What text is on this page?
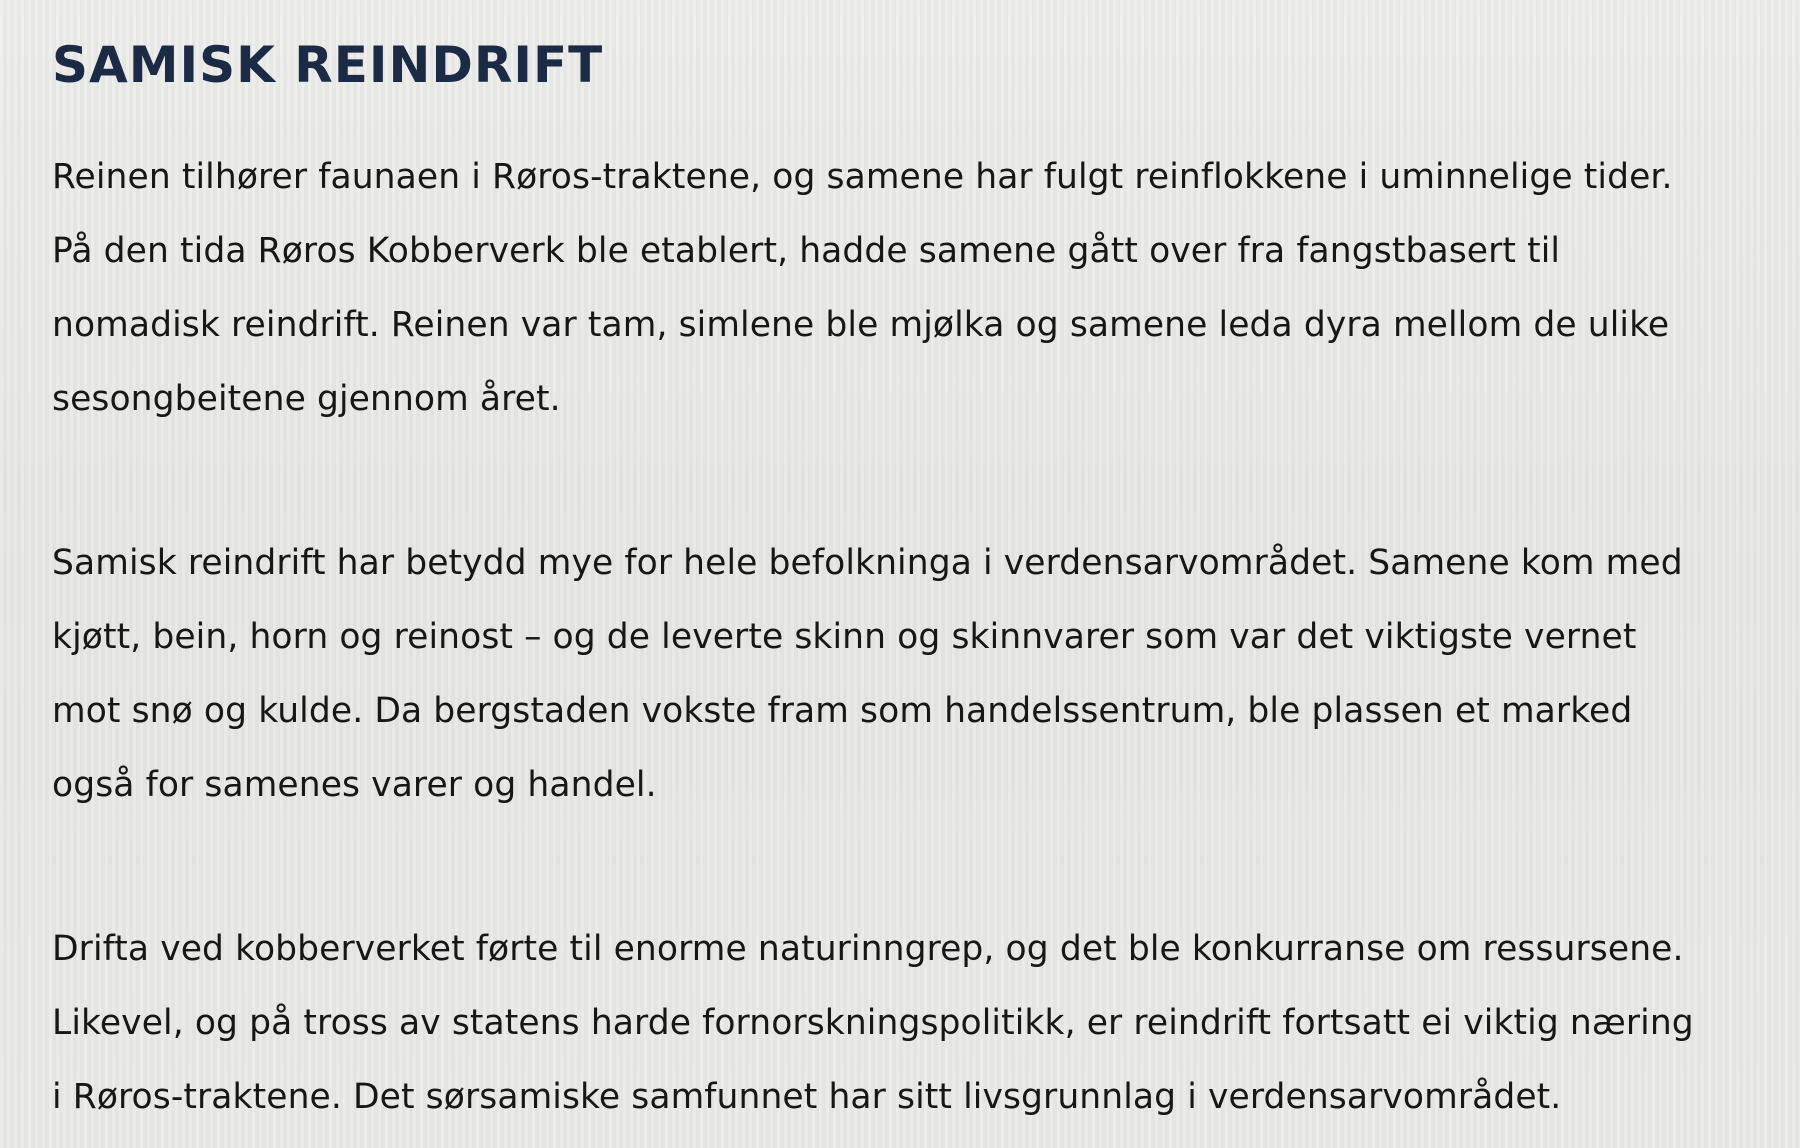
SAMISK REINDRIFT
Reinen tilhører faunaen i Røros-traktene, og samene har fulgt reinflokkene i uminnelige tider.
På den tida Røros Kobberverk ble etablert, hadde samene gått over fra fangstbasert til
nomadisk reindrift. Reinen var tam, simlene ble mjølka og samene leda dyra mellom de ulike
sesongbeitene gjennom året.
Samisk reindrift har betydd mye for hele befolkninga i verdensarvområdet. Samene kom med
kjøtt, bein, horn og reinost – og de leverte skinn og skinnvarer som var det viktigste vernet
mot snø og kulde. Da bergstaden vokste fram som handelssentrum, ble plassen et marked
også for samenes varer og handel.
Drifta ved kobberverket førte til enorme naturinngrep, og det ble konkurranse om ressursene.
Likevel, og på tross av statens harde fornorskningspolitikk, er reindrift fortsatt ei viktig næring
i Røros-traktene. Det sørsamiske samfunnet har sitt livsgrunnlag i verdensarvområdet.
